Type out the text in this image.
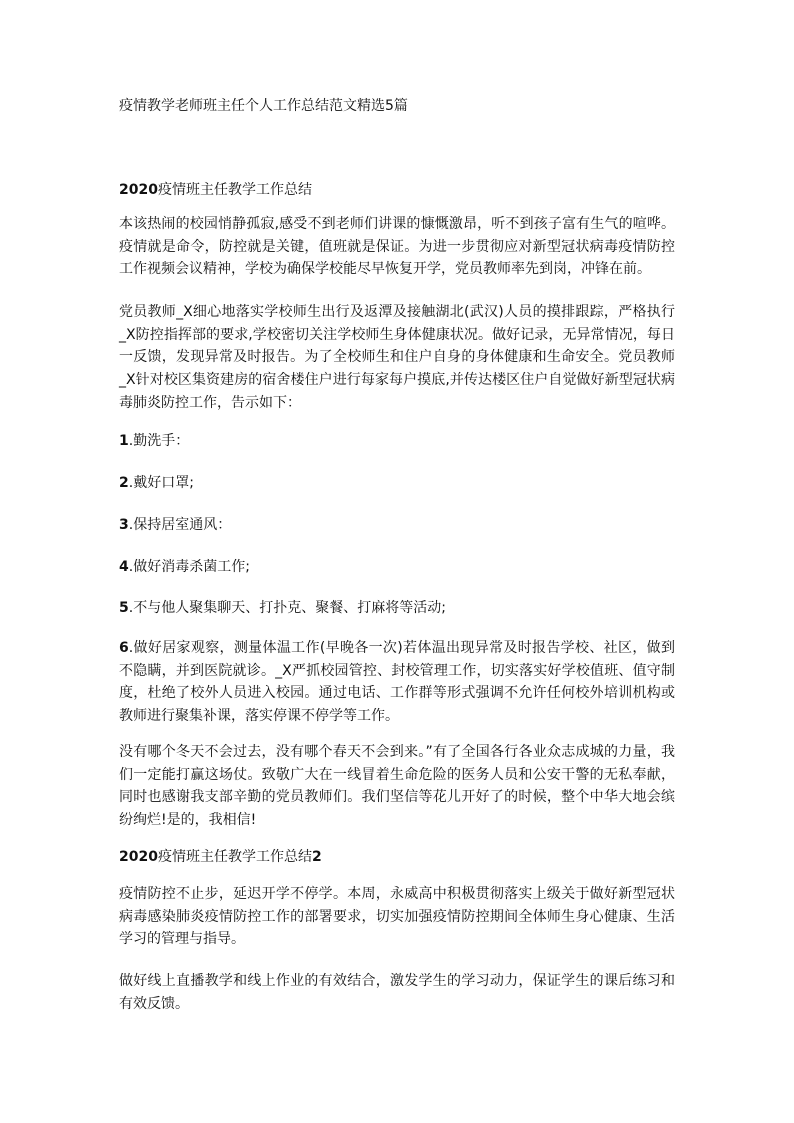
疫情教学老师班主任个人工作总结范文精选5篇
2020疫情班主任教学工作总结

本该热闹的校园悄静孤寂,感受不到老师们讲课的慷慨激昂，听不到孩子富有生气的喧哗。疫情就是命令，防控就是关键，值班就是保证。为进一步贯彻应对新型冠状病毒疫情防控工作视频会议精神，学校为确保学校能尽早恢复开学，党员教师率先到岗，冲锋在前。

党员教师_X细心地落实学校师生出行及返潭及接触湖北(武汉)人员的摸排跟踪，严格执行_X防控指挥部的要求,学校密切关注学校师生身体健康状况。做好记录，无异常情况，每日一反馈，发现异常及时报告。为了全校师生和住户自身的身体健康和生命安全。党员教师_X针对校区集资建房的宿舍楼住户进行每家每户摸底,并传达楼区住户自觉做好新型冠状病毒肺炎防控工作，告示如下：

1.勤洗手：
2.戴好口罩;
3.保持居室通风：
4.做好消毒杀菌工作;
5.不与他人聚集聊天、打扑克、聚餐、打麻将等活动;

6.做好居家观察，测量体温工作(早晚各一次)若体温出现异常及时报告学校、社区，做到不隐瞒，并到医院就诊。_X严抓校园管控、封校管理工作，切实落实好学校值班、值守制度，杜绝了校外人员进入校园。通过电话、工作群等形式强调不允许任何校外培训机构或教师进行聚集补课，落实停课不停学等工作。

没有哪个冬天不会过去，没有哪个春天不会到来。”有了全国各行各业众志成城的力量，我们一定能打赢这场仗。致敬广大在一线冒着生命危险的医务人员和公安干警的无私奉献，同时也感谢我支部辛勤的党员教师们。我们坚信等花儿开好了的时候，整个中华大地会缤纷绚烂!是的，我相信!

2020疫情班主任教学工作总结2

疫情防控不止步，延迟开学不停学。本周，永威高中积极贯彻落实上级关于做好新型冠状病毒感染肺炎疫情防控工作的部署要求，切实加强疫情防控期间全体师生身心健康、生活学习的管理与指导。

做好线上直播教学和线上作业的有效结合，激发学生的学习动力，保证学生的课后练习和有效反馈。
